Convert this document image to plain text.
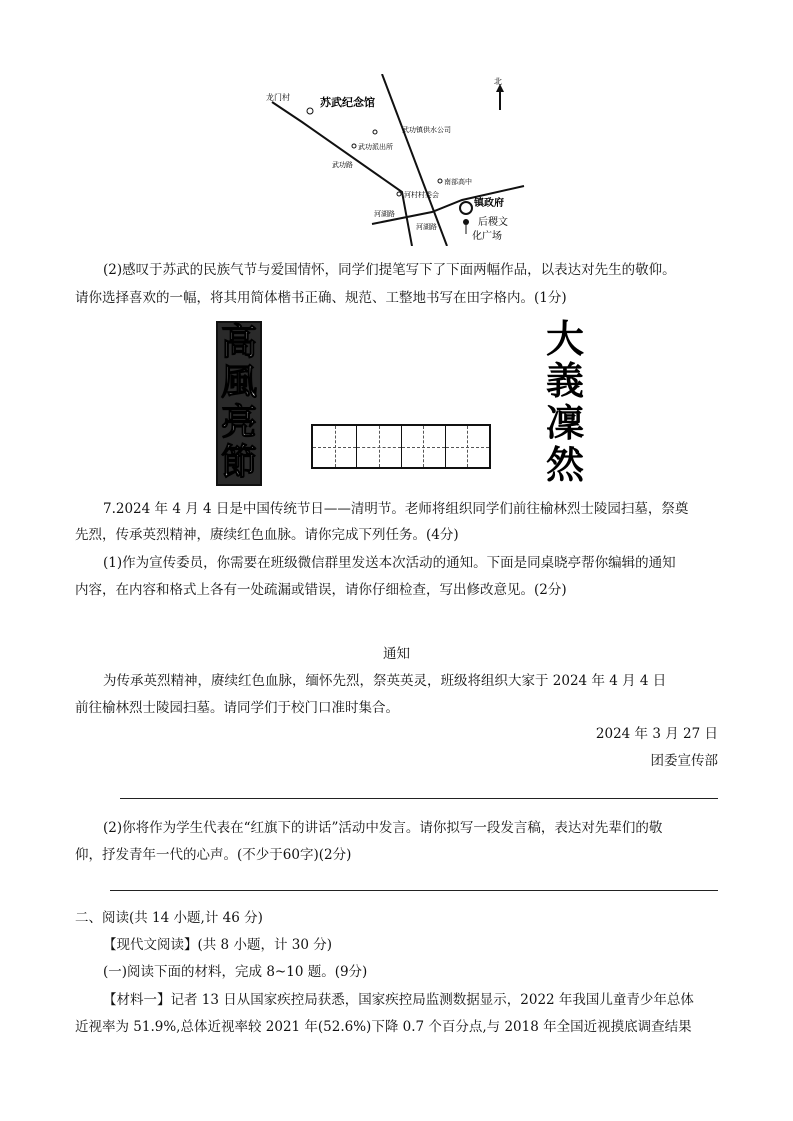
龙门村	苏武纪念馆
武功镇供水公司
武功派出所
武功路
河村村委会
南部高中
镇政府
河湖路
河湖路	后稷文
化广场
北
(2)感叹于苏武的民族气节与爱国情怀，同学们提笔写下了下面两幅作品，以表达对先生的敬仰。
请你选择喜欢的一幅，将其用简体楷书正确、规范、工整地书写在田字格内。(1分)
高
風
亮
節
大
義
凜
然
7.2024 年 4 月 4 日是中国传统节日——清明节。老师将组织同学们前往榆林烈士陵园扫墓，祭奠
先烈，传承英烈精神，赓续红色血脉。请你完成下列任务。(4分)
(1)作为宣传委员，你需要在班级微信群里发送本次活动的通知。下面是同桌晓亭帮你编辑的通知
内容，在内容和格式上各有一处疏漏或错误，请你仔细检查，写出修改意见。(2分)
通知
为传承英烈精神，赓续红色血脉，缅怀先烈，祭英英灵，班级将组织大家于 2024 年 4 月 4 日
前往榆林烈士陵园扫墓。请同学们于校门口准时集合。
2024 年 3 月 27 日
团委宣传部
(2)你将作为学生代表在“红旗下的讲话”活动中发言。请你拟写一段发言稿，表达对先辈们的敬
仰，抒发青年一代的心声。(不少于60字)(2分)
二、阅读(共 14 小题,计 46 分)
【现代文阅读】(共 8 小题，计 30 分)
(一)阅读下面的材料，完成 8~10 题。(9分)
【材料一】记者 13 日从国家疾控局获悉，国家疾控局监测数据显示，2022 年我国儿童青少年总体
近视率为 51.9%,总体近视率较 2021 年(52.6%)下降 0.7 个百分点,与 2018 年全国近视摸底调查结果
